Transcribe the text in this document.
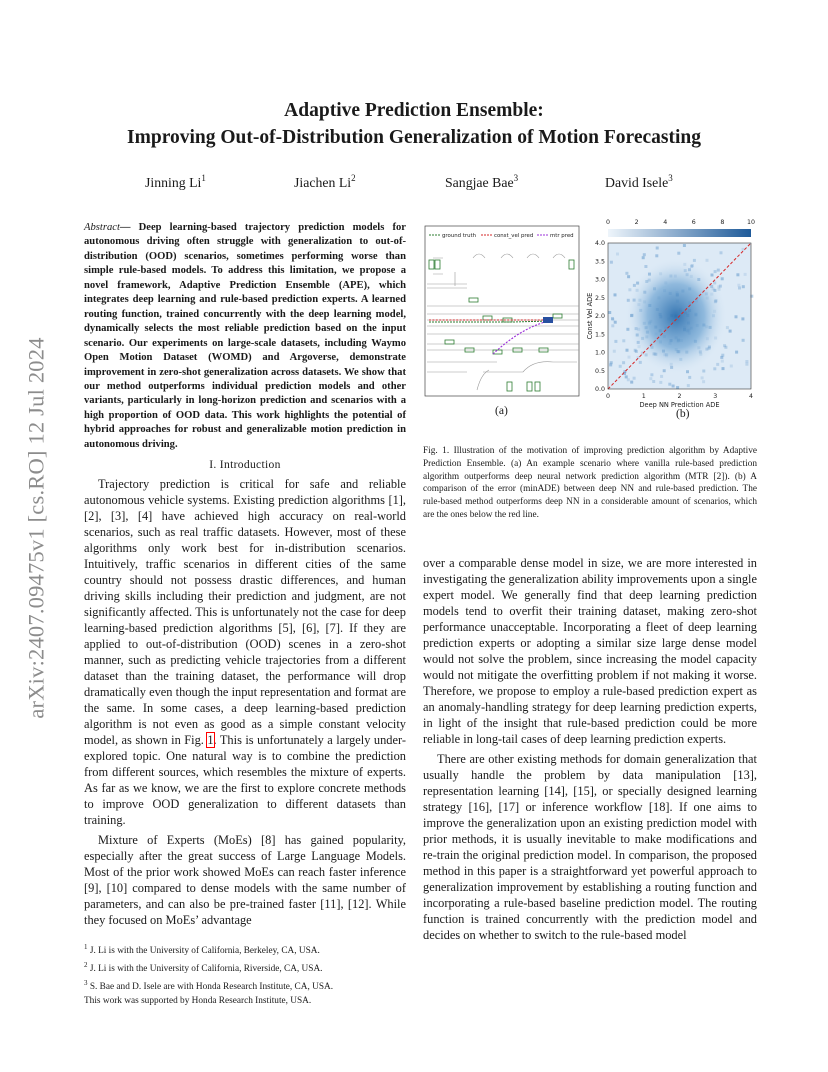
arXiv:2407.09475v1 [cs.RO] 12 Jul 2024
Adaptive Prediction Ensemble:
Improving Out-of-Distribution Generalization of Motion Forecasting
Jinning Li$^1$	Jiachen Li$^2$	Sangjae Bae$^3$	David Isele$^3$
Abstract— Deep learning-based trajectory prediction models for autonomous driving often struggle with generalization to out-of-distribution (OOD) scenarios, sometimes performing worse than simple rule-based models. To address this limitation, we propose a novel framework, Adaptive Prediction Ensemble (APE), which integrates deep learning and rule-based prediction experts. A learned routing function, trained concurrently with the deep learning model, dynamically selects the most reliable prediction based on the input scenario. Our experiments on large-scale datasets, including Waymo Open Motion Dataset (WOMD) and Argoverse, demonstrate improvement in zero-shot generalization across datasets. We show that our method outperforms individual prediction models and other variants, particularly in long-horizon prediction and scenarios with a high proportion of OOD data. This work highlights the potential of hybrid approaches for robust and generalizable motion prediction in autonomous driving.
I. Introduction

Trajectory prediction is critical for safe and reliable autonomous vehicle systems. Existing prediction algorithms [1], [2], [3], [4] have achieved high accuracy on real-world scenarios, such as real traffic datasets. However, most of these algorithms only work best for in-distribution scenarios. Intuitively, traffic scenarios in different cities of the same country should not possess drastic differences, and human driving skills including their prediction and judgment, are not significantly affected. This is unfortunately not the case for deep learning-based prediction algorithms [5], [6], [7]. If they are applied to out-of-distribution (OOD) scenes in a zero-shot manner, such as predicting vehicle trajectories from a different dataset than the training dataset, the performance will drop dramatically even though the input representation and format are the same. In some cases, a deep learning-based prediction algorithm is not even as good as a simple constant velocity model, as shown in Fig. 1. This is unfortunately a largely under-explored topic. One natural way is to combine the prediction from different sources, which resembles the mixture of experts. As far as we know, we are the first to explore concrete methods to improve OOD generalization to different datasets than training.

Mixture of Experts (MoEs) [8] has gained popularity, especially after the great success of Large Language Models. Most of the prior work showed MoEs can reach faster inference [9], [10] compared to dense models with the same number of parameters, and can also be pre-trained faster [11], [12]. While they focused on MoEs’ advantage

$^1$ J. Li is with the University of California, Berkeley, CA, USA.
$^2$ J. Li is with the University of California, Riverside, CA, USA.
$^3$ S. Bae and D. Isele are with Honda Research Institute, CA, USA.
This work was supported by Honda Research Institute, USA.
ground truth	const_vel pred	mtr pred
(a)
0	1	2	3	4
0.0
0.5
1.0
1.5
2.0
2.5
3.0
3.5
4.0
0	2	4	6	8	10
Deep NN Prediction ADE
Const Vel ADE
(b)
Fig. 1. Illustration of the motivation of improving prediction algorithm by Adaptive Prediction Ensemble. (a) An example scenario where vanilla rule-based prediction algorithm outperforms deep neural network prediction algorithm (MTR [2]). (b) A comparison of the error (minADE) between deep NN and rule-based prediction. The rule-based method outperforms deep NN in a considerable amount of scenarios, which are the ones below the red line.

over a comparable dense model in size, we are more interested in investigating the generalization ability improvements upon a single expert model. We generally find that deep learning prediction models tend to overfit their training dataset, making zero-shot performance unacceptable. Incorporating a fleet of deep learning prediction experts or adopting a similar size large dense model would not solve the problem, since increasing the model capacity would not mitigate the overfitting problem if not making it worse. Therefore, we propose to employ a rule-based prediction expert as an anomaly-handling strategy for deep learning prediction experts, in light of the insight that rule-based prediction could be more reliable in long-tail cases of deep learning prediction experts.

There are other existing methods for domain generalization that usually handle the problem by data manipulation [13], representation learning [14], [15], or specially designed learning strategy [16], [17] or inference workflow [18]. If one aims to improve the generalization upon an existing prediction model with prior methods, it is usually inevitable to make modifications and re-train the original prediction model. In comparison, the proposed method in this paper is a straightforward yet powerful approach to generalization improvement by establishing a routing function and incorporating a rule-based baseline prediction model. The routing function is trained concurrently with the prediction model and decides on whether to switch to the rule-based model
